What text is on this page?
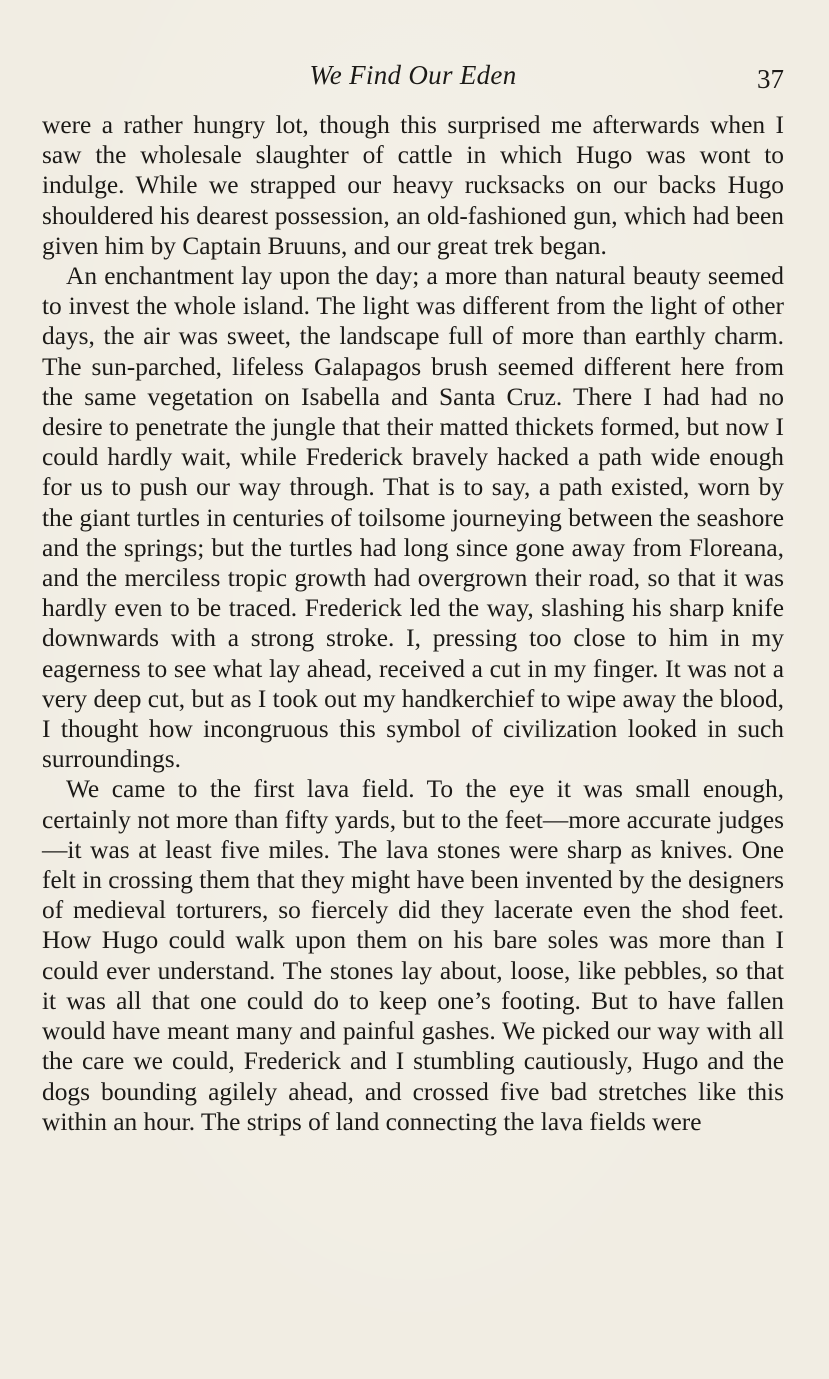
We Find Our Eden	37

were a rather hungry lot, though this surprised me afterwards when I saw the wholesale slaughter of cattle in which Hugo was wont to indulge. While we strapped our heavy rucksacks on our backs Hugo shouldered his dearest possession, an old-fashioned gun, which had been given him by Captain Bruuns, and our great trek began.

An enchantment lay upon the day; a more than natural beauty seemed to invest the whole island. The light was different from the light of other days, the air was sweet, the landscape full of more than earthly charm. The sun-parched, lifeless Galapagos brush seemed different here from the same vegetation on Isabella and Santa Cruz. There I had had no desire to penetrate the jungle that their matted thickets formed, but now I could hardly wait, while Frederick bravely hacked a path wide enough for us to push our way through. That is to say, a path existed, worn by the giant turtles in centuries of toilsome journeying between the seashore and the springs; but the turtles had long since gone away from Floreana, and the merciless tropic growth had overgrown their road, so that it was hardly even to be traced. Frederick led the way, slashing his sharp knife downwards with a strong stroke. I, pressing too close to him in my eagerness to see what lay ahead, received a cut in my finger. It was not a very deep cut, but as I took out my handkerchief to wipe away the blood, I thought how incongruous this symbol of civilization looked in such surroundings.

We came to the first lava field. To the eye it was small enough, certainly not more than fifty yards, but to the feet—more accurate judges—it was at least five miles. The lava stones were sharp as knives. One felt in crossing them that they might have been invented by the designers of medieval torturers, so fiercely did they lacerate even the shod feet. How Hugo could walk upon them on his bare soles was more than I could ever understand. The stones lay about, loose, like pebbles, so that it was all that one could do to keep one’s footing. But to have fallen would have meant many and painful gashes. We picked our way with all the care we could, Frederick and I stumbling cautiously, Hugo and the dogs bounding agilely ahead, and crossed five bad stretches like this within an hour. The strips of land connecting the lava fields were
